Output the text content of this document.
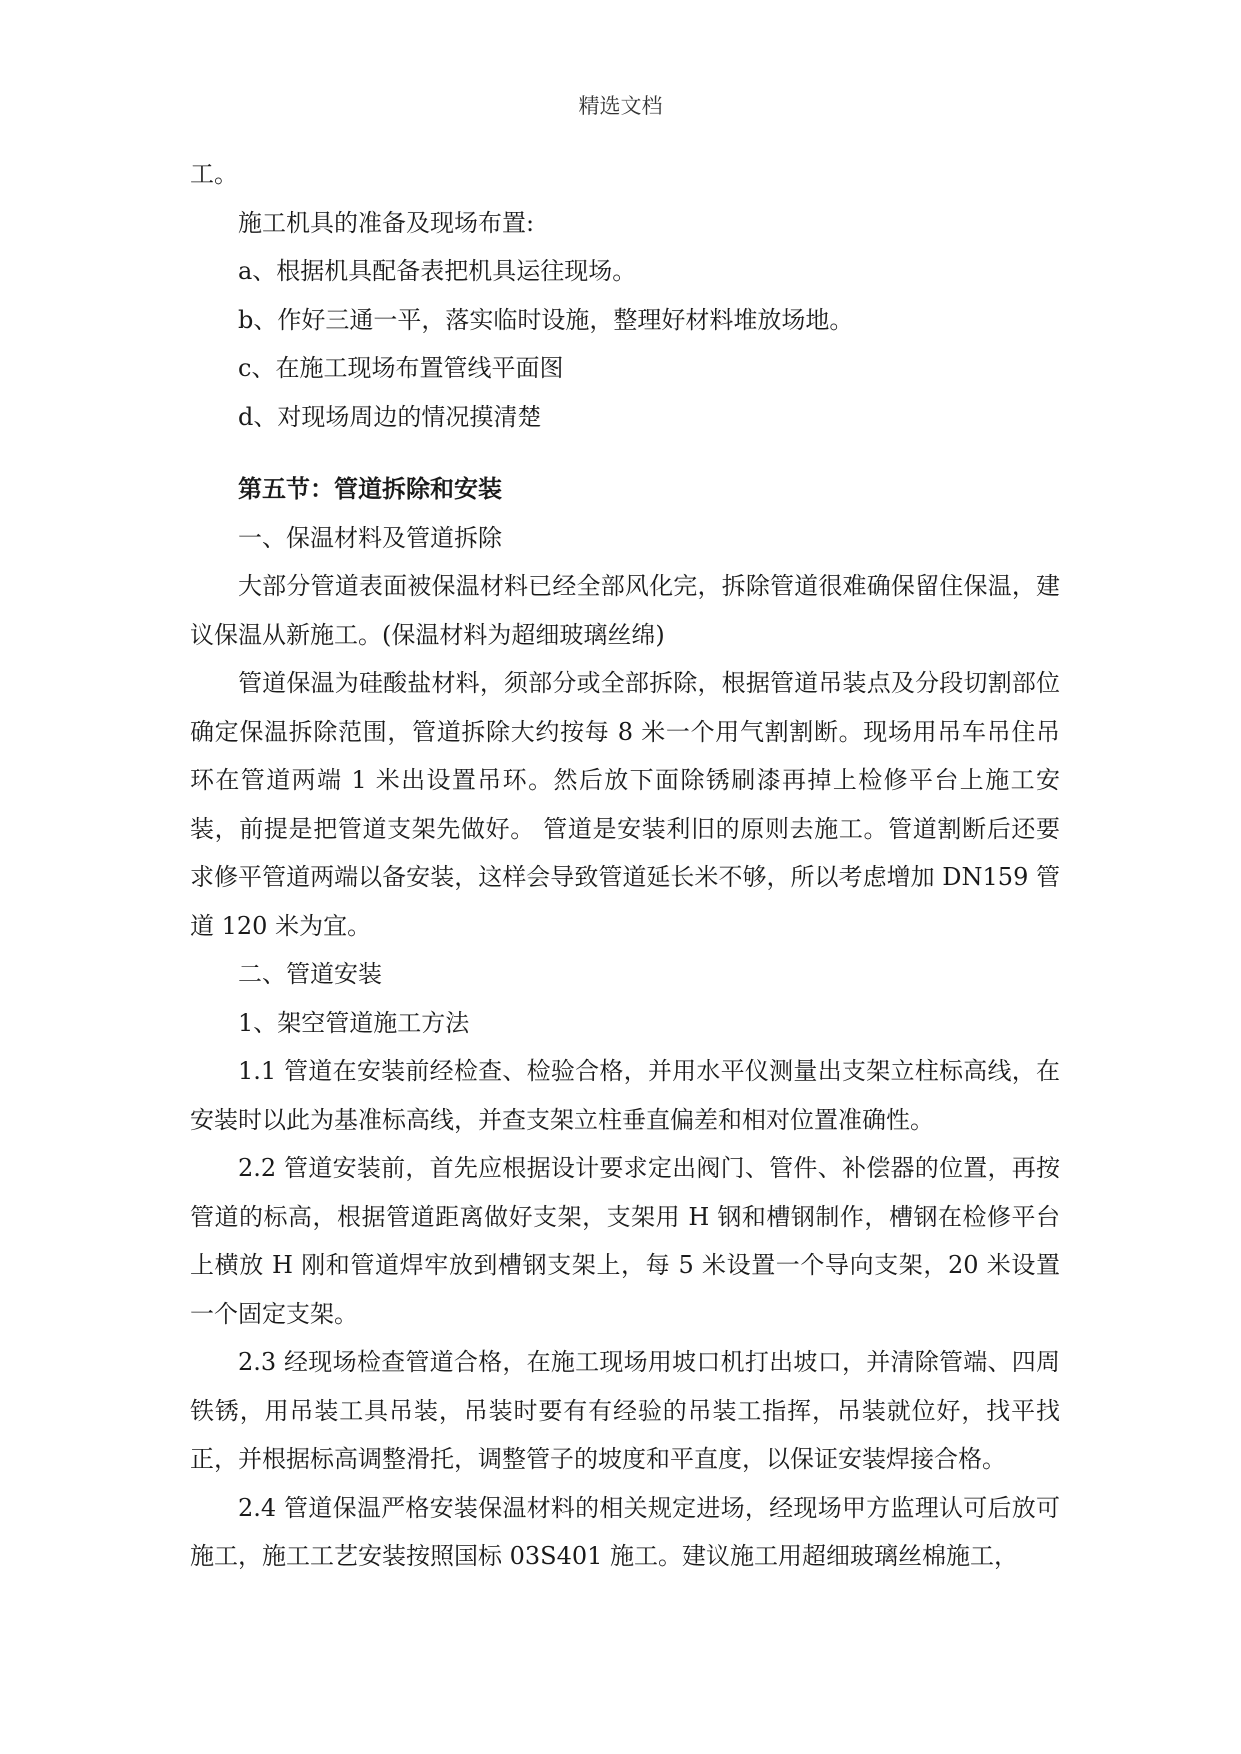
精选文档

工。

施工机具的准备及现场布置:

a、根据机具配备表把机具运往现场。

b、作好三通一平，落实临时设施，整理好材料堆放场地。

c、在施工现场布置管线平面图

d、对现场周边的情况摸清楚

第五节：管道拆除和安装

一、保温材料及管道拆除

大部分管道表面被保温材料已经全部风化完，拆除管道很难确保留住保温，建议保温从新施工。(保温材料为超细玻璃丝绵)

管道保温为硅酸盐材料，须部分或全部拆除，根据管道吊装点及分段切割部位确定保温拆除范围，管道拆除大约按每 8 米一个用气割割断。现场用吊车吊住吊环在管道两端 1 米出设置吊环。然后放下面除锈刷漆再掉上检修平台上施工安装，前提是把管道支架先做好。 管道是安装利旧的原则去施工。管道割断后还要求修平管道两端以备安装，这样会导致管道延长米不够，所以考虑增加 DN159 管道 120 米为宜。

二、管道安装

1、架空管道施工方法

1.1 管道在安装前经检查、检验合格，并用水平仪测量出支架立柱标高线，在安装时以此为基准标高线，并查支架立柱垂直偏差和相对位置准确性。

2.2 管道安装前，首先应根据设计要求定出阀门、管件、补偿器的位置，再按管道的标高，根据管道距离做好支架，支架用 H 钢和槽钢制作，槽钢在检修平台上横放 H 刚和管道焊牢放到槽钢支架上，每 5 米设置一个导向支架，20 米设置一个固定支架。

2.3 经现场检查管道合格，在施工现场用坡口机打出坡口，并清除管端、四周铁锈，用吊装工具吊装，吊装时要有有经验的吊装工指挥，吊装就位好，找平找正，并根据标高调整滑托，调整管子的坡度和平直度，以保证安装焊接合格。

2.4 管道保温严格安装保温材料的相关规定进场，经现场甲方监理认可后放可施工，施工工艺安装按照国标 03S401 施工。建议施工用超细玻璃丝棉施工，
